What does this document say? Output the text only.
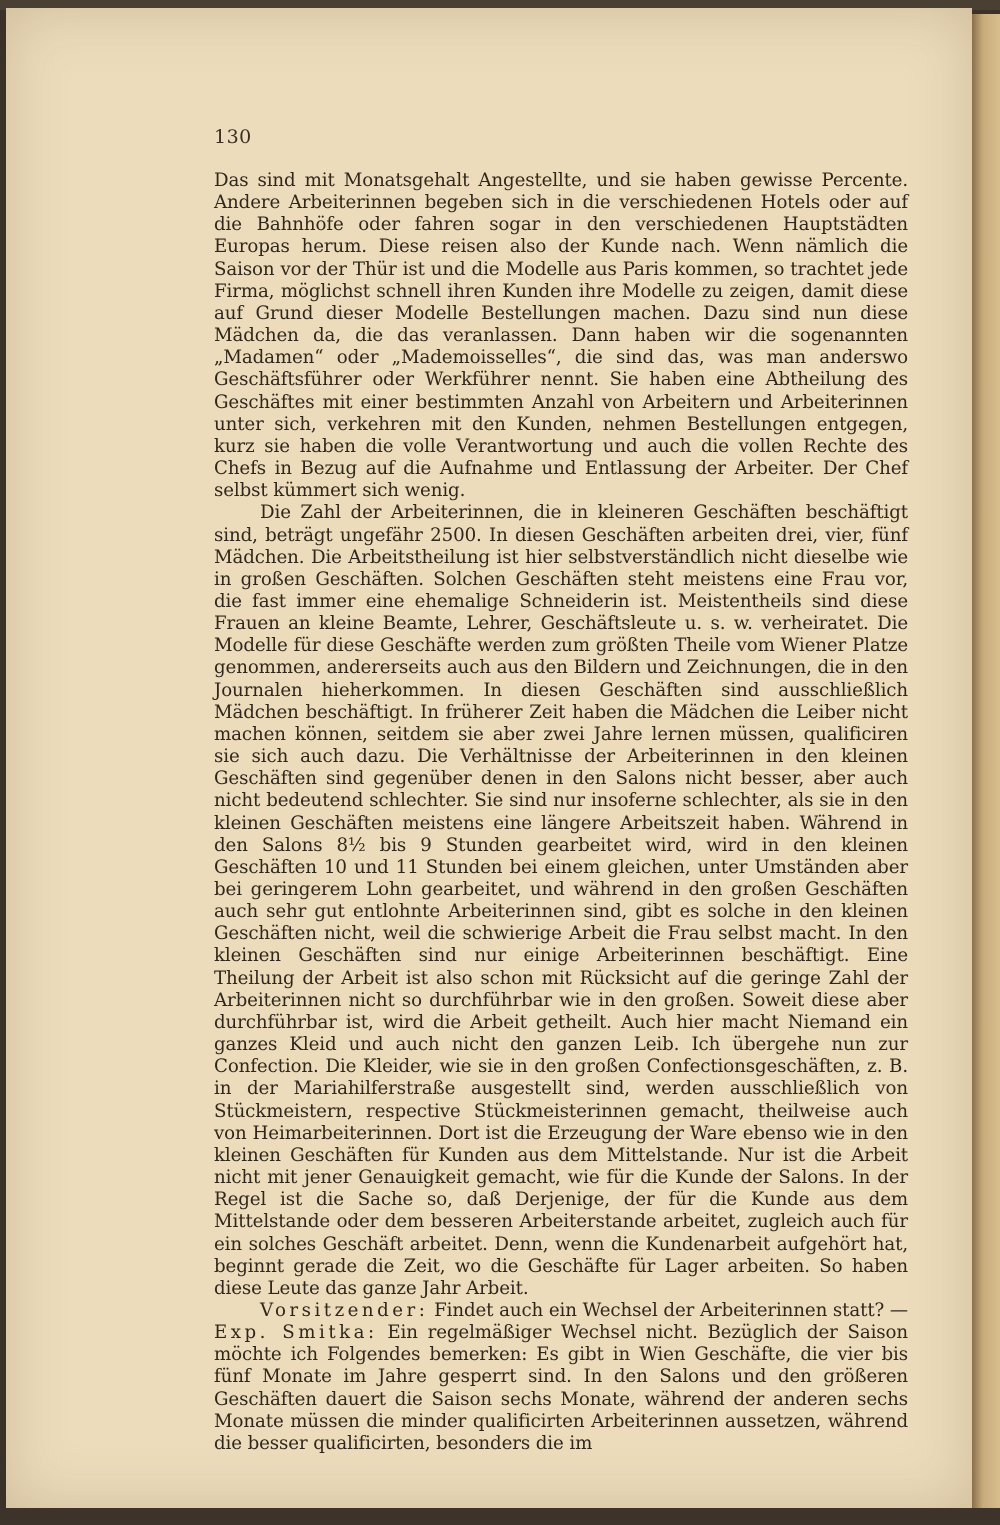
130

Das sind mit Monatsgehalt Angestellte, und sie haben gewisse Percente. Andere Arbeiterinnen begeben sich in die verschiedenen Hotels oder auf die Bahnhöfe oder fahren sogar in den verschiedenen Hauptstädten Europas herum. Diese reisen also der Kunde nach. Wenn nämlich die Saison vor der Thür ist und die Modelle aus Paris kommen, so trachtet jede Firma, möglichst schnell ihren Kunden ihre Modelle zu zeigen, damit diese auf Grund dieser Modelle Bestellungen machen. Dazu sind nun diese Mädchen da, die das veranlassen. Dann haben wir die sogenannten „Madamen“ oder „Mademoisselles“, die sind das, was man anderswo Geschäftsführer oder Werkführer nennt. Sie haben eine Abtheilung des Geschäftes mit einer bestimmten Anzahl von Arbeitern und Arbeiterinnen unter sich, verkehren mit den Kunden, nehmen Bestellungen entgegen, kurz sie haben die volle Verantwortung und auch die vollen Rechte des Chefs in Bezug auf die Aufnahme und Entlassung der Arbeiter. Der Chef selbst kümmert sich wenig.

Die Zahl der Arbeiterinnen, die in kleineren Geschäften beschäftigt sind, beträgt ungefähr 2500. In diesen Geschäften arbeiten drei, vier, fünf Mädchen. Die Arbeitstheilung ist hier selbstverständlich nicht dieselbe wie in großen Geschäften. Solchen Geschäften steht meistens eine Frau vor, die fast immer eine ehemalige Schneiderin ist. Meistentheils sind diese Frauen an kleine Beamte, Lehrer, Geschäftsleute u. s. w. verheiratet. Die Modelle für diese Geschäfte werden zum größten Theile vom Wiener Platze genommen, andererseits auch aus den Bildern und Zeichnungen, die in den Journalen hieherkommen. In diesen Geschäften sind ausschließlich Mädchen beschäftigt. In früherer Zeit haben die Mädchen die Leiber nicht machen können, seitdem sie aber zwei Jahre lernen müssen, qualificiren sie sich auch dazu. Die Verhältnisse der Arbeiterinnen in den kleinen Geschäften sind gegenüber denen in den Salons nicht besser, aber auch nicht bedeutend schlechter. Sie sind nur insoferne schlechter, als sie in den kleinen Geschäften meistens eine längere Arbeitszeit haben. Während in den Salons 8½ bis 9 Stunden gearbeitet wird, wird in den kleinen Geschäften 10 und 11 Stunden bei einem gleichen, unter Umständen aber bei geringerem Lohn gearbeitet, und während in den großen Geschäften auch sehr gut entlohnte Arbeiterinnen sind, gibt es solche in den kleinen Geschäften nicht, weil die schwierige Arbeit die Frau selbst macht. In den kleinen Geschäften sind nur einige Arbeiterinnen beschäftigt. Eine Theilung der Arbeit ist also schon mit Rücksicht auf die geringe Zahl der Arbeiterinnen nicht so durchführbar wie in den großen. Soweit diese aber durchführbar ist, wird die Arbeit getheilt. Auch hier macht Niemand ein ganzes Kleid und auch nicht den ganzen Leib. Ich übergehe nun zur Confection. Die Kleider, wie sie in den großen Confectionsgeschäften, z. B. in der Mariahilferstraße ausgestellt sind, werden ausschließlich von Stückmeistern, respective Stückmeisterinnen gemacht, theilweise auch von Heimarbeiterinnen. Dort ist die Erzeugung der Ware ebenso wie in den kleinen Geschäften für Kunden aus dem Mittelstande. Nur ist die Arbeit nicht mit jener Genauigkeit gemacht, wie für die Kunde der Salons. In der Regel ist die Sache so, daß Derjenige, der für die Kunde aus dem Mittelstande oder dem besseren Arbeiterstande arbeitet, zugleich auch für ein solches Geschäft arbeitet. Denn, wenn die Kundenarbeit aufgehört hat, beginnt gerade die Zeit, wo die Geschäfte für Lager arbeiten. So haben diese Leute das ganze Jahr Arbeit.

Vorsitzender: Findet auch ein Wechsel der Arbeiterinnen statt? — Exp. Smitka: Ein regelmäßiger Wechsel nicht. Bezüglich der Saison möchte ich Folgendes bemerken: Es gibt in Wien Geschäfte, die vier bis fünf Monate im Jahre gesperrt sind. In den Salons und den größeren Geschäften dauert die Saison sechs Monate, während der anderen sechs Monate müssen die minder qualificirten Arbeiterinnen aussetzen, während die besser qualificirten, besonders die im
